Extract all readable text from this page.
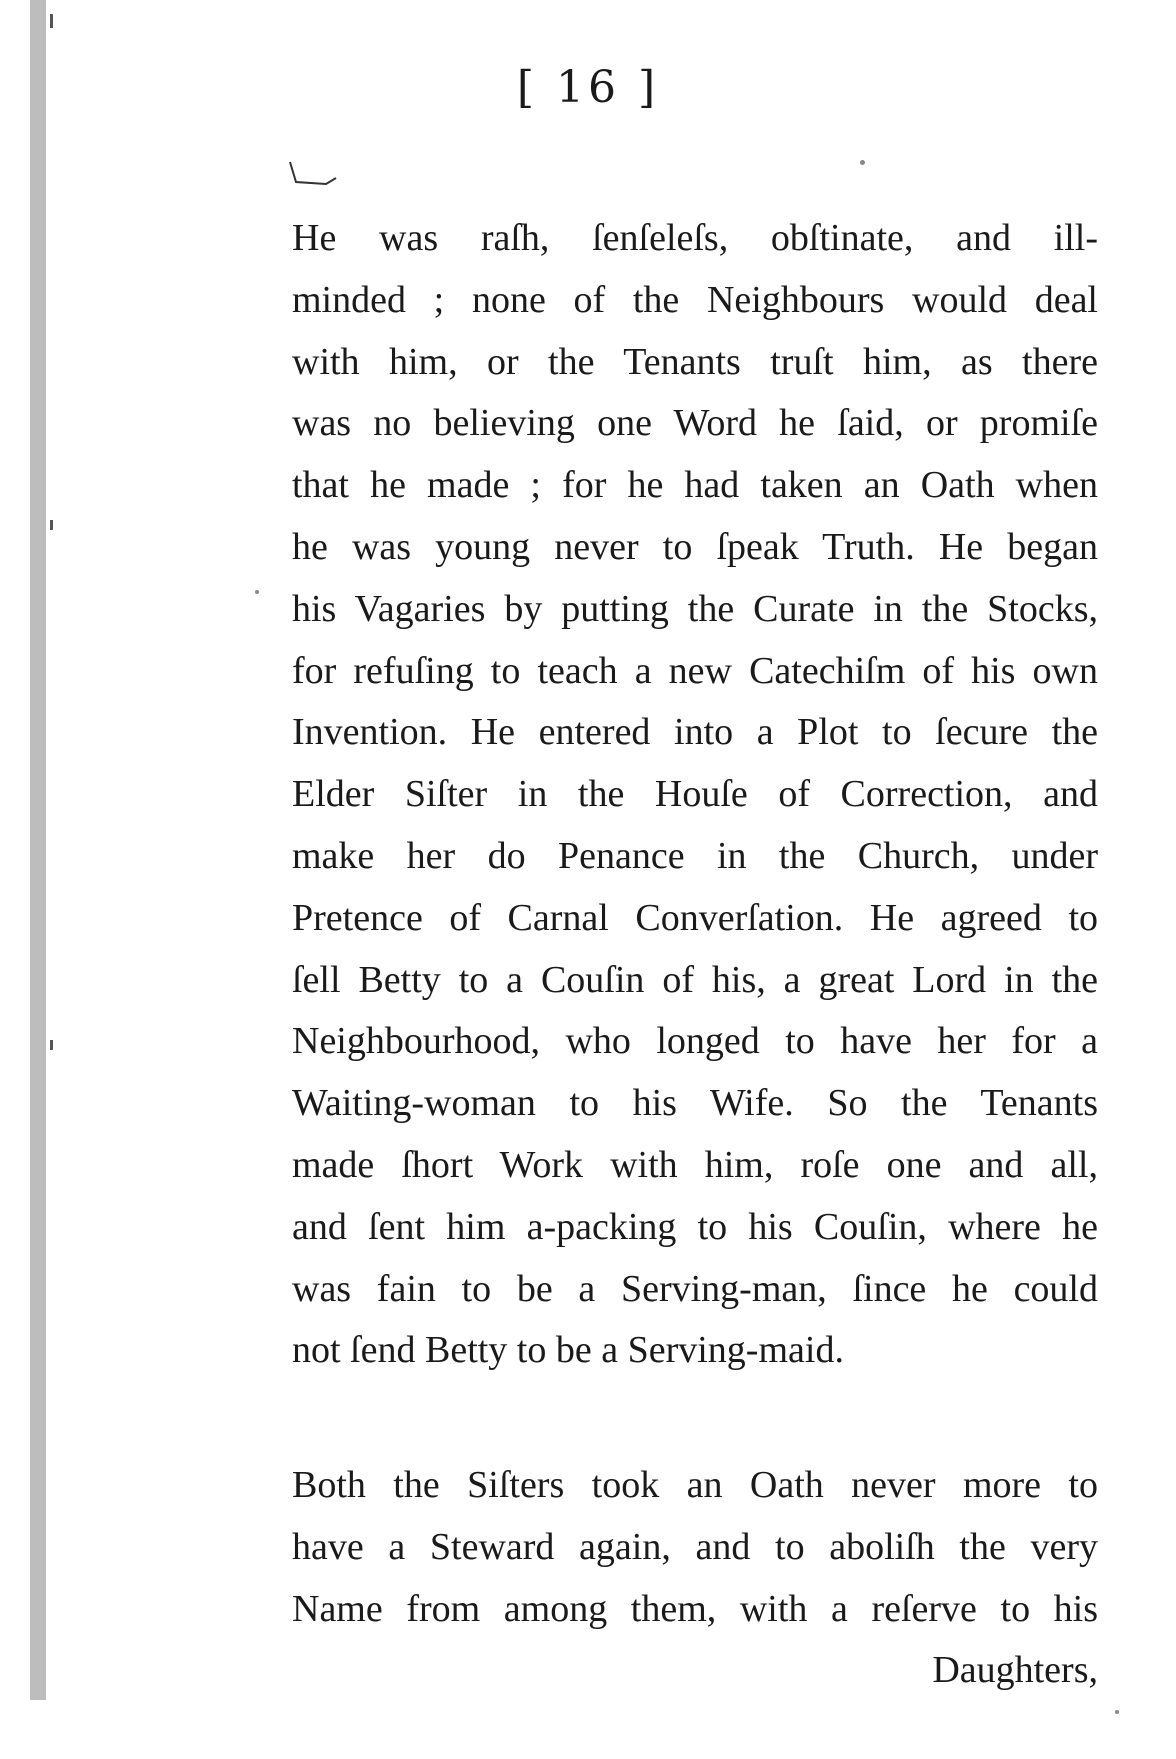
[ 16 ]
He was raſh, ſenſeleſs, obſtinate, and ill-
minded ; none of the Neighbours would deal
with him, or the Tenants truſt him, as there
was no believing one Word he ſaid, or promiſe
that he made ; for he had taken an Oath when
he was young never to ſpeak Truth. He began
his Vagaries by putting the Curate in the Stocks,
for refuſing to teach a new Catechiſm of his own
Invention. He entered into a Plot to ſecure the
Elder Siſter in the Houſe of Correction, and
make her do Penance in the Church, under
Pretence of Carnal Converſation. He agreed to
ſell Betty to a Couſin of his, a great Lord in the
Neighbourhood, who longed to have her for a
Waiting-woman to his Wife. So the Tenants
made ſhort Work with him, roſe one and all,
and ſent him a-packing to his Couſin, where he
was fain to be a Serving-man, ſince he could
not ſend Betty to be a Serving-maid.
Both the Siſters took an Oath never more to
have a Steward again, and to aboliſh the very
Name from among them, with a reſerve to his
Daughters,
